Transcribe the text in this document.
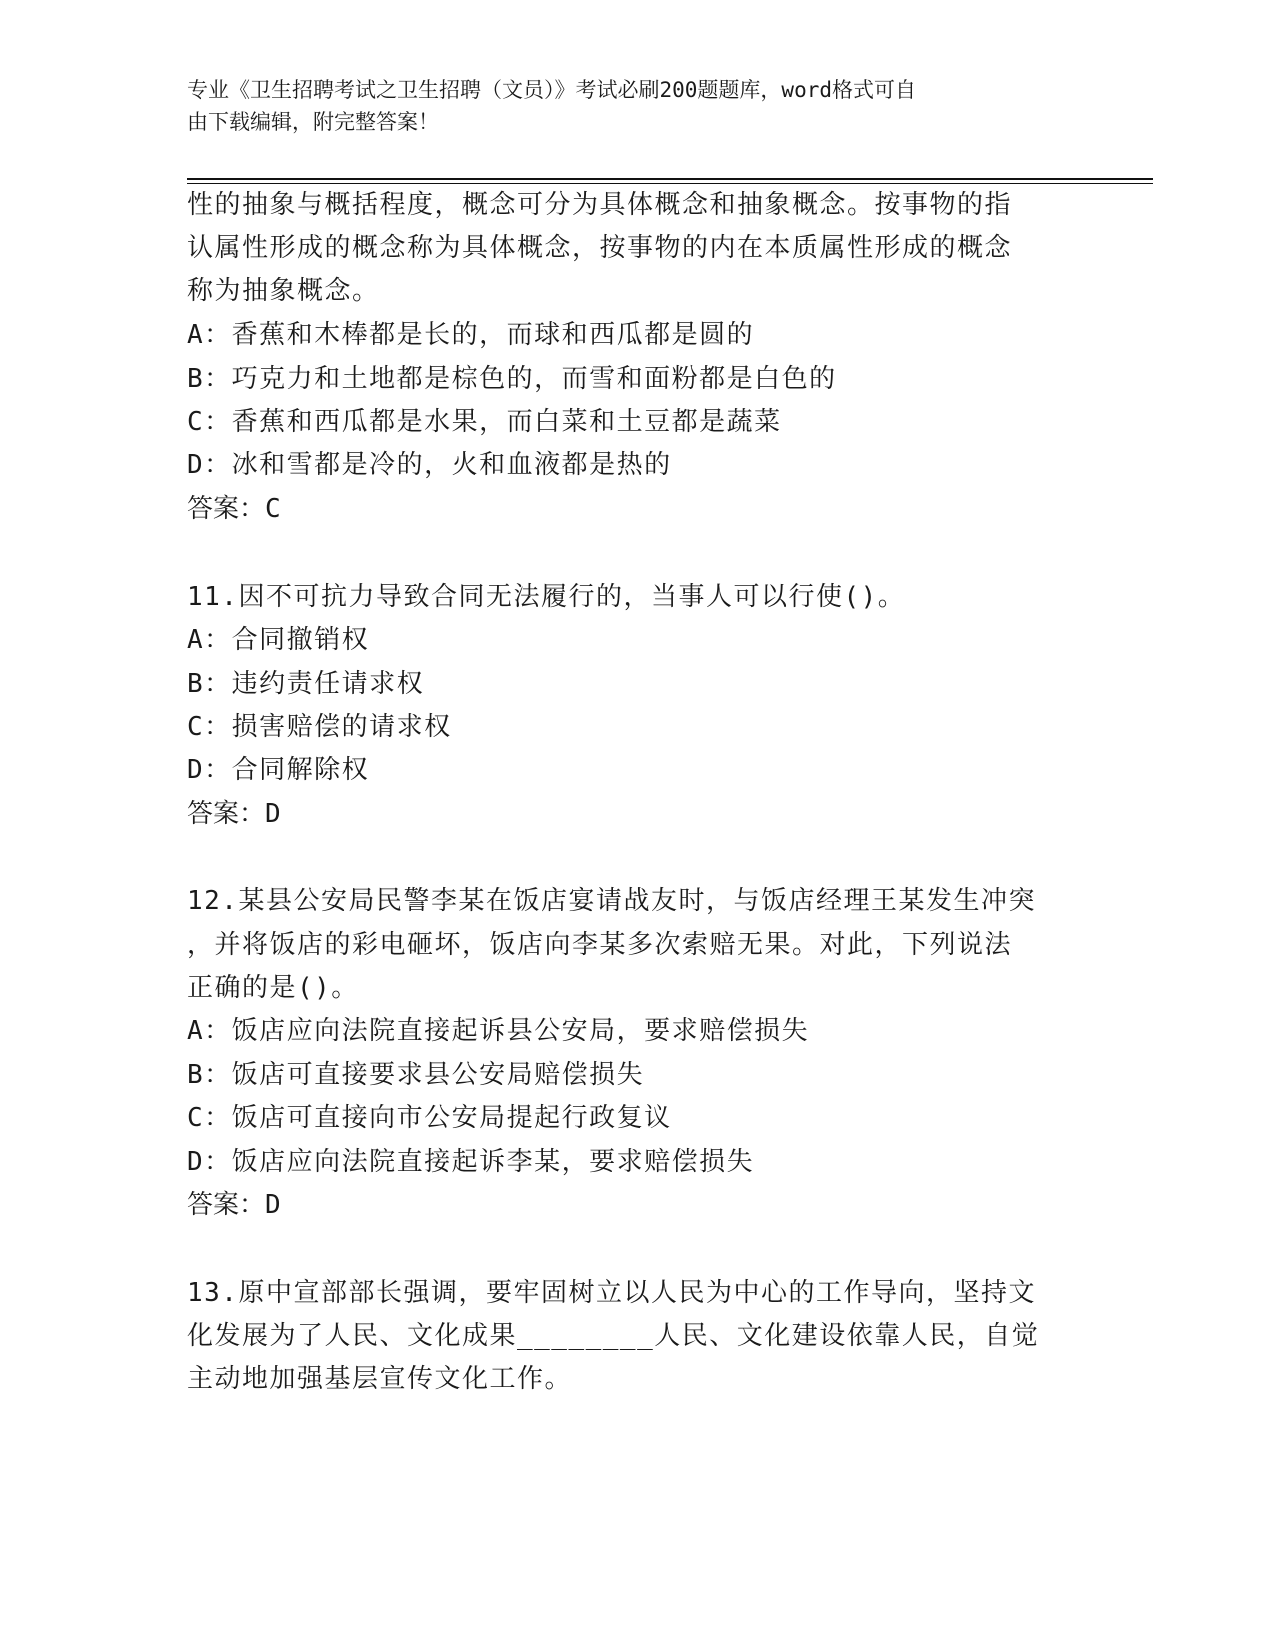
专业《卫生招聘考试之卫生招聘（文员）》考试必刷200题题库，word格式可自
由下载编辑，附完整答案！
性的抽象与概括程度，概念可分为具体概念和抽象概念。按事物的指
认属性形成的概念称为具体概念，按事物的内在本质属性形成的概念
称为抽象概念。
A：香蕉和木棒都是长的，而球和西瓜都是圆的
B：巧克力和土地都是棕色的，而雪和面粉都是白色的
C：香蕉和西瓜都是水果，而白菜和土豆都是蔬菜
D：冰和雪都是冷的，火和血液都是热的
答案：C
11.因不可抗力导致合同无法履行的，当事人可以行使()。
A：合同撤销权
B：违约责任请求权
C：损害赔偿的请求权
D：合同解除权
答案：D
12.某县公安局民警李某在饭店宴请战友时，与饭店经理王某发生冲突
，并将饭店的彩电砸坏，饭店向李某多次索赔无果。对此，下列说法
正确的是()。
A：饭店应向法院直接起诉县公安局，要求赔偿损失
B：饭店可直接要求县公安局赔偿损失
C：饭店可直接向市公安局提起行政复议
D：饭店应向法院直接起诉李某，要求赔偿损失
答案：D
13.原中宣部部长强调，要牢固树立以人民为中心的工作导向，坚持文
化发展为了人民、文化成果________人民、文化建设依靠人民，自觉
主动地加强基层宣传文化工作。
